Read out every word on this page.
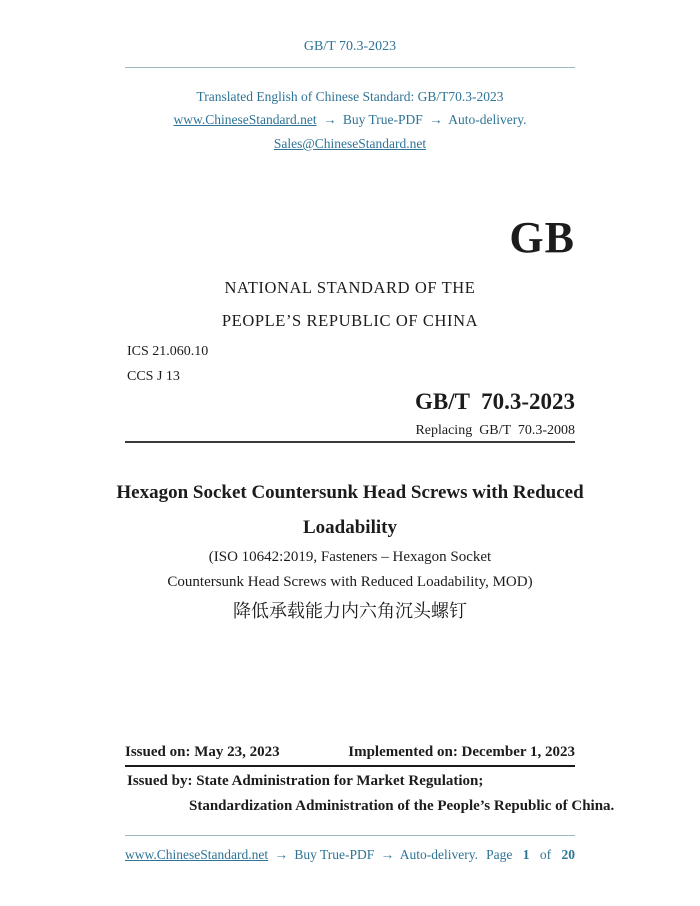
GB/T 70.3-2023
Translated English of Chinese Standard: GB/T70.3-2023
www.ChineseStandard.net → Buy True-PDF → Auto-delivery.
Sales@ChineseStandard.net
GB
NATIONAL STANDARD OF THE
PEOPLE’S REPUBLIC OF CHINA
ICS 21.060.10
CCS J 13
GB/T  70.3-2023
Replacing  GB/T  70.3-2008
Hexagon Socket Countersunk Head Screws with Reduced
Loadability
(ISO 10642:2019, Fasteners – Hexagon Socket
Countersunk Head Screws with Reduced Loadability, MOD)
降低承载能力内六角沉头螺钉
Issued on: May 23, 2023	Implemented on: December 1, 2023
Issued by: State Administration for Market Regulation;
Standardization Administration of the People’s Republic of China.
www.ChineseStandard.net → Buy True-PDF → Auto-delivery. Page 1 of 20
